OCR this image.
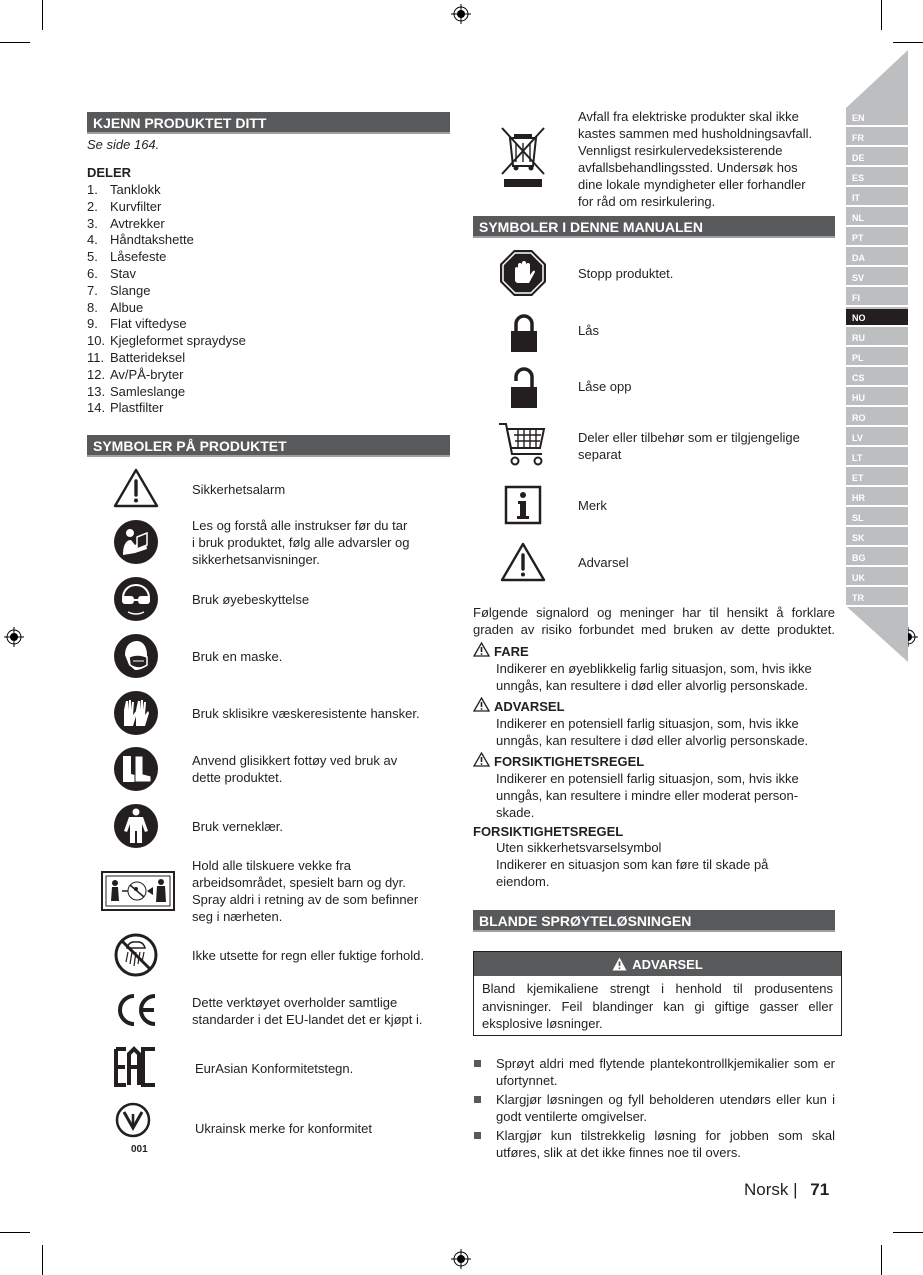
EN
FR
DE
ES
IT
NL
PT
DA
SV
FI
NO
RU
PL
CS
HU
RO
LV
LT
ET
HR
SL
SK
BG
UK
TR
KJENN PRODUKTET DITT
Se side 164.
DELER
1. Tanklokk
2. Kurvfilter
3. Avtrekker
4. Håndtakshette
5. Låsefeste
6. Stav
7. Slange
8. Albue
9. Flat viftedyse
10. Kjegleformet spraydyse
11. Batterideksel
12. Av/PÅ-bryter
13. Samleslange
14. Plastfilter
SYMBOLER PÅ PRODUKTET
Sikkerhetsalarm
Les og forstå alle instrukser før du tar
i bruk produktet, følg alle advarsler og
sikkerhetsanvisninger.
Bruk øyebeskyttelse
Bruk en maske.
Bruk sklisikre væskeresistente hansker.
Anvend glisikkert fottøy ved bruk av
dette produktet.
Bruk verneklær.
Hold alle tilskuere vekke fra
arbeidsområdet, spesielt barn og dyr.
Spray aldri i retning av de som befinner
seg i nærheten.
Ikke utsette for regn eller fuktige forhold.
Dette verktøyet overholder samtlige
standarder i det EU-landet det er kjøpt i.
EurAsian Konformitetstegn.
001
Ukrainsk merke for konformitet
Avfall fra elektriske produkter skal ikke
kastes sammen med husholdningsavfall.
Vennligst resirkulervedeksisterende
avfallsbehandlingssted. Undersøk hos
dine lokale myndigheter eller forhandler
for råd om resirkulering.
SYMBOLER I DENNE MANUALEN
Stopp produktet.
Lås
Låse opp
Deler eller tilbehør som er tilgjengelige
separat
Merk
Advarsel
Følgende signalord og meninger har til hensikt å forklare
graden av risiko forbundet med bruken av dette produktet.
FARE
Indikerer en øyeblikkelig farlig situasjon, som, hvis ikke
unngås, kan resultere i død eller alvorlig personskade.
ADVARSEL
Indikerer en potensiell farlig situasjon, som, hvis ikke
unngås, kan resultere i død eller alvorlig personskade.
FORSIKTIGHETSREGEL
Indikerer en potensiell farlig situasjon, som, hvis ikke
unngås, kan resultere i mindre eller moderat person-
skade.
FORSIKTIGHETSREGEL
Uten sikkerhetsvarselsymbol
Indikerer en situasjon som kan føre til skade på
eiendom.
BLANDE SPRØYTELØSNINGEN
ADVARSEL
Bland kjemikaliene strengt i henhold til produsentens anvisninger. Feil blandinger kan gi giftige gasser eller eksplosive løsninger.
Sprøyt aldri med flytende plantekontrollkjemikalier som er ufortynnet.
Klargjør løsningen og fyll beholderen utendørs eller kun i godt ventilerte omgivelser.
Klargjør kun tilstrekkelig løsning for jobben som skal utføres, slik at det ikke finnes noe til overs.
Norsk | 71
